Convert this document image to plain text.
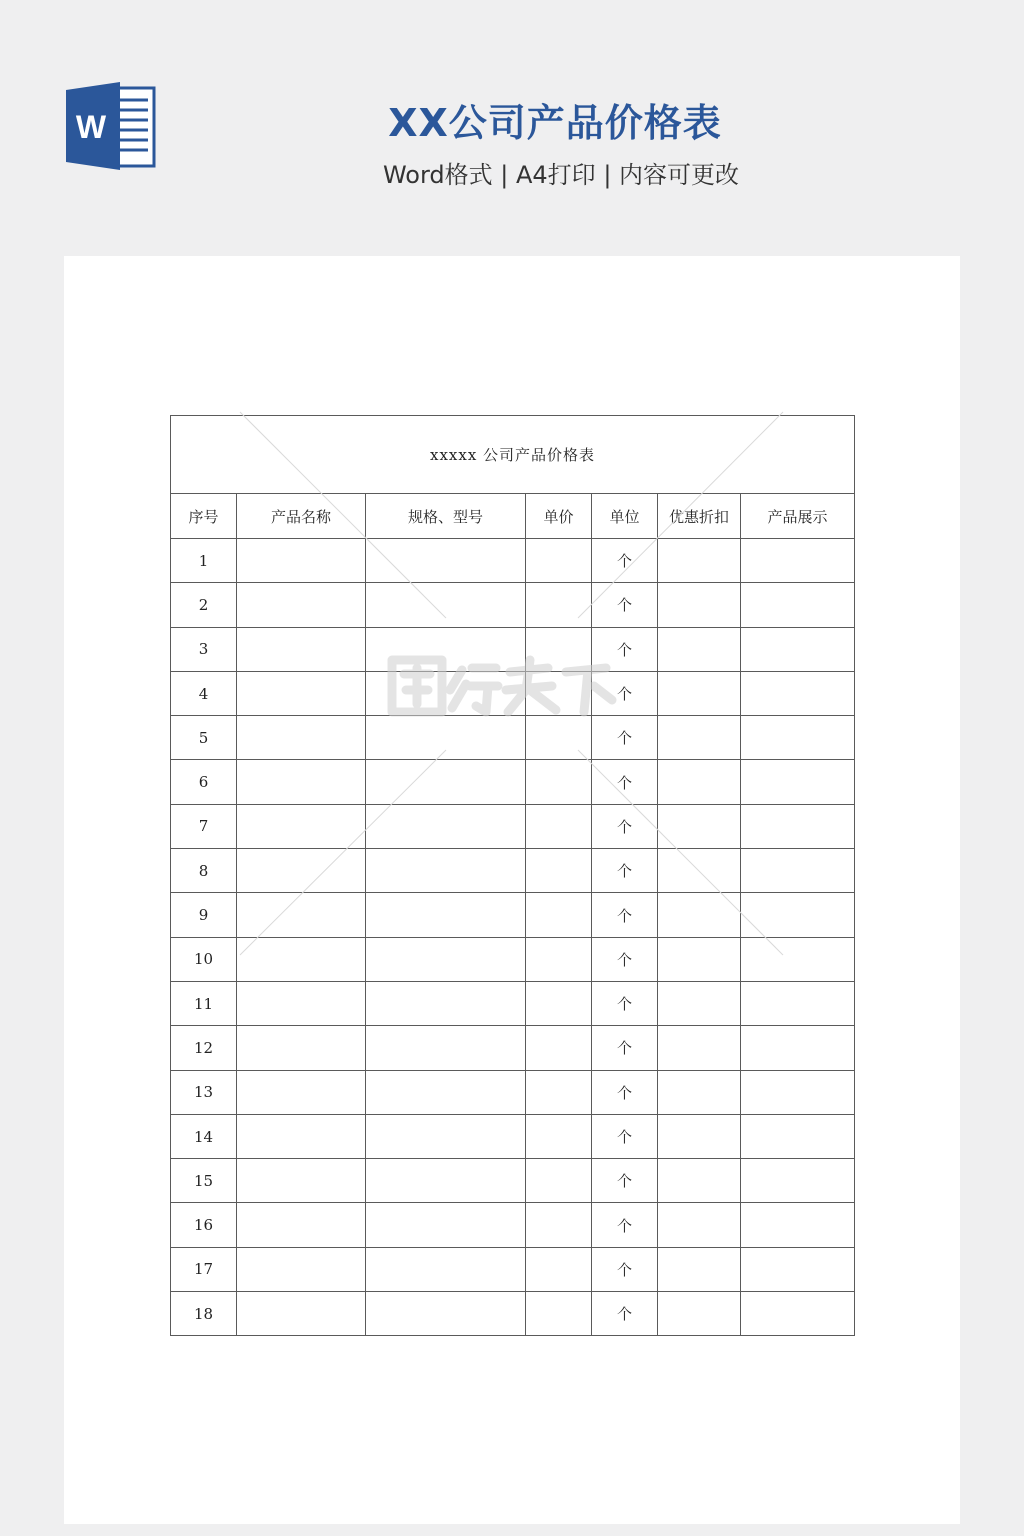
W	XX公司产品价格表
Word格式 | A4打印 | 内容可更改
xxxxx 公司产品价格表						
序号	产品名称	规格、型号	单价	单位	优惠折扣	产品展示
1				个		
2				个		
3				个		
4				个		
5				个		
6				个		
7				个		
8				个		
9				个		
10				个		
11				个		
12				个		
13				个		
14				个		
15				个		
16				个		
17				个		
18				个		
